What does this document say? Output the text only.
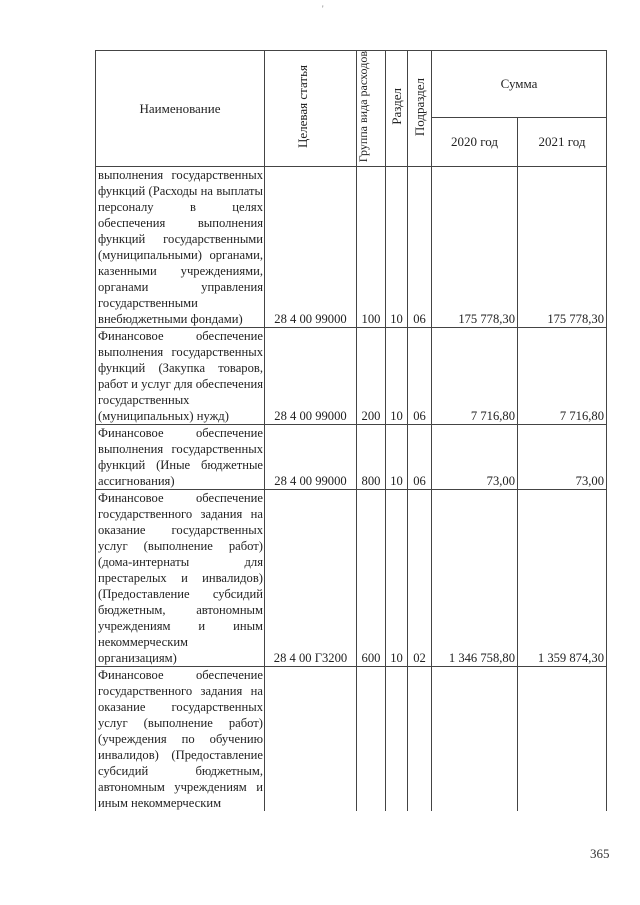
'
Наименование	Целевая статья	Группа вида расходов	Раздел	Подраздел	Сумма	
					2020 год	2021 год
выполнения государственных функций (Расходы на выплаты персоналу в целях обеспечения выполнения функций государственными (муниципальными) органами, казенными учреждениями, органами управления государственными внебюджетными фондами)	28 4 00 99000	100	10	06	175 778,30	175 778,30
Финансовое обеспечение выполнения государственных функций (Закупка товаров, работ и услуг для обеспечения государственных (муниципальных) нужд)	28 4 00 99000	200	10	06	7 716,80	7 716,80
Финансовое обеспечение выполнения государственных функций (Иные бюджетные ассигнования)	28 4 00 99000	800	10	06	73,00	73,00
Финансовое обеспечение государственного задания на оказание государственных услуг (выполнение работ) (дома-интернаты для престарелых и инвалидов) (Предоставление субсидий бюджетным, автономным учреждениям и иным некоммерческим организациям)	28 4 00 Г3200	600	10	02	1 346 758,80	1 359 874,30
Финансовое обеспечение государственного задания на оказание государственных услуг (выполнение работ) (учреждения по обучению инвалидов) (Предоставление субсидий бюджетным, автономным учреждениям и иным некоммерческим						
365
